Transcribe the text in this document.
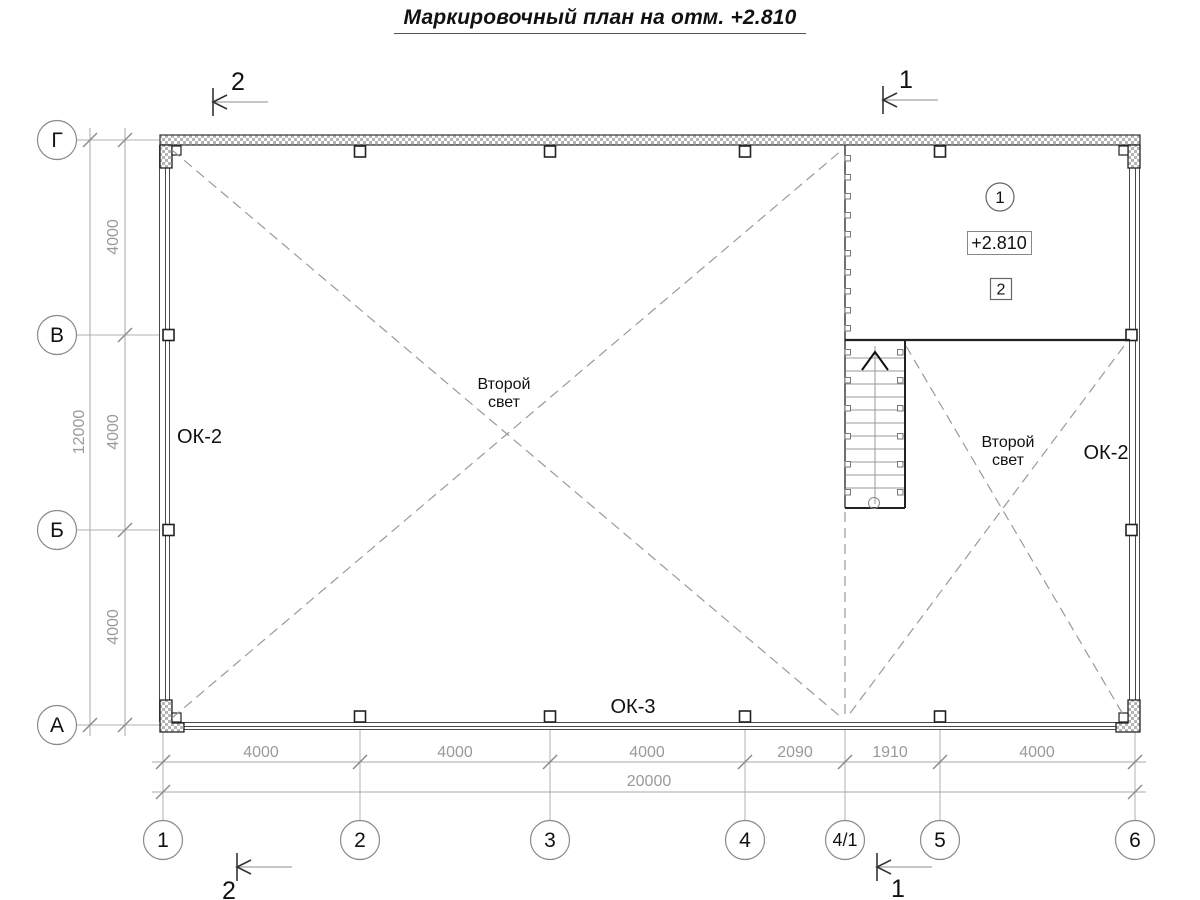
Маркировочный план на отм. +2.810
4000
4000
4000
12000
4000	4000	4000	2090	1910	4000
20000
Г
В
Б
А
1	2	3	4	4/1	5	6
2	1
2	1
ОК-2
ОК-2
ОК-3
Второй
свет
Второй
свет
1
+2.810
2
